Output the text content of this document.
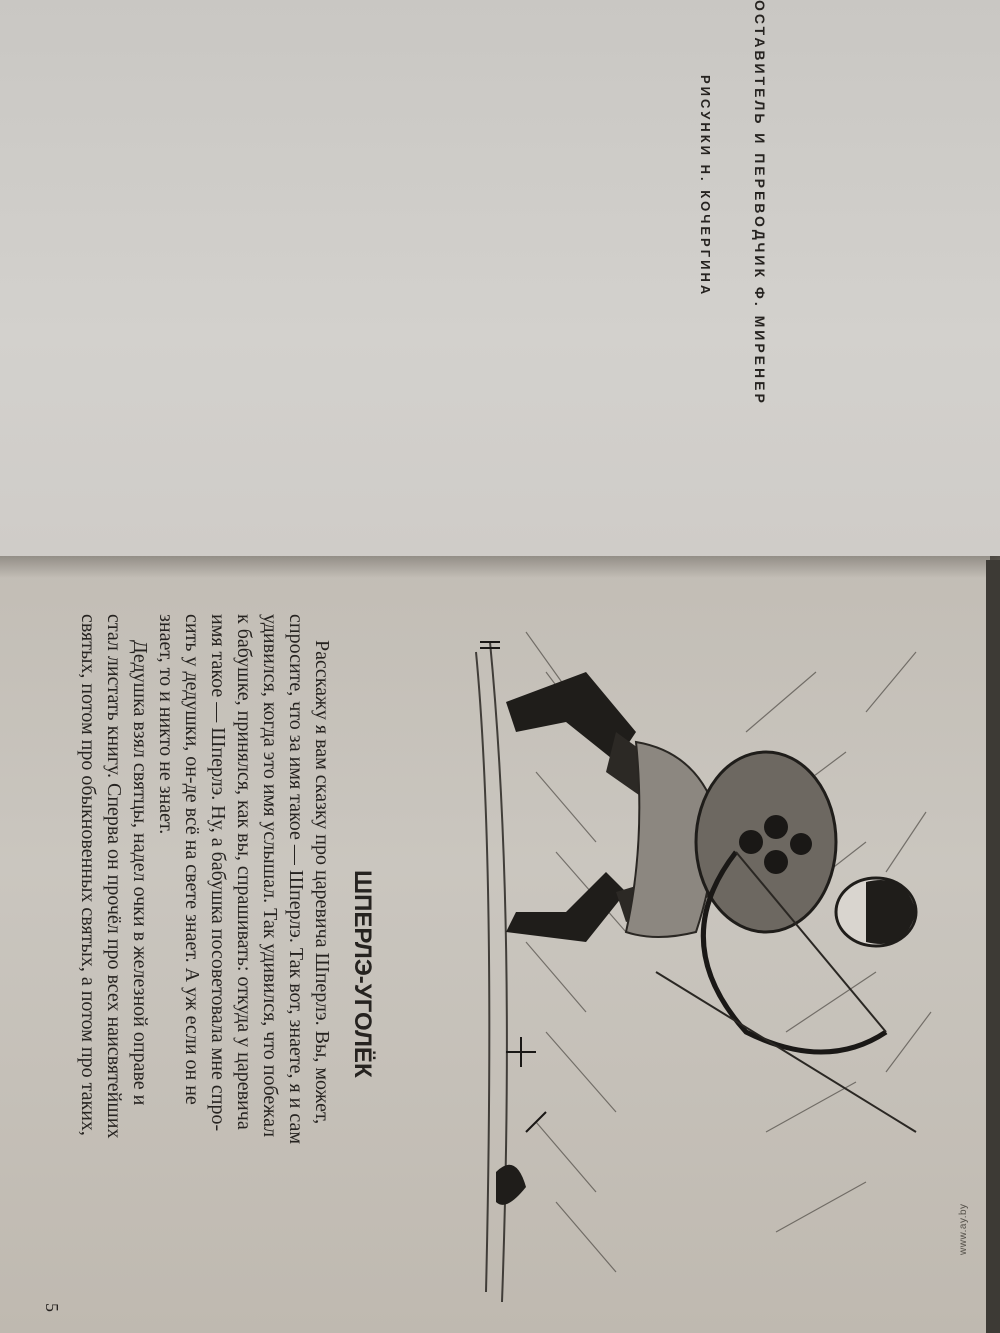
ОСТАВИТЕЛЬ И ПЕРЕВОДЧИК Ф. МИРЕНЕР
РИСУНКИ Н. КОЧЕРГИНА
ШПЕРЛЭ-УГОЛЁК
Расскажу я вам сказку про царевича Шперлэ. Вы, может,
спросите, что за имя такое — Шперлэ. Так вот, знаете, я и сам
удивился, когда это имя услышал. Так удивился, что побежал
к бабушке, принялся, как вы, спрашивать: откуда у царевича
имя такое — Шперлэ. Ну, а бабушка посоветовала мне спро-
сить у дедушки, он-де всё на свете знает. А уж если он не
знает, то и никто не знает.
Дедушка взял святцы, надел очки в железной оправе и
стал листать книгу. Сперва он прочёл про всех наисвятейших
святых, потом про обыкновенных святых, а потом про таких,
5
www.ay.by
